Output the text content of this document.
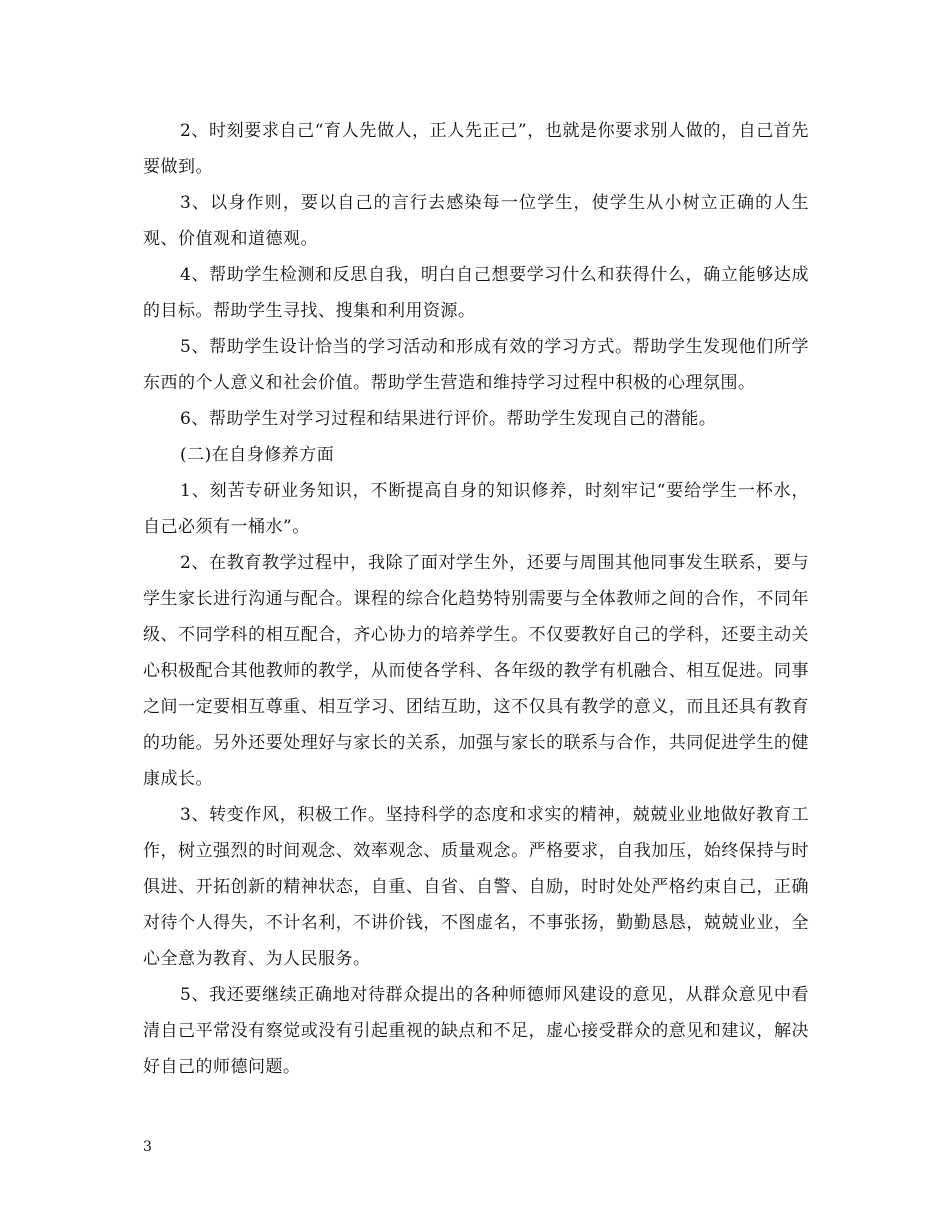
2、时刻要求自己“育人先做人，正人先正己”，也就是你要求别人做的，自己首先要做到。

3、以身作则，要以自己的言行去感染每一位学生，使学生从小树立正确的人生观、价值观和道德观。

4、帮助学生检测和反思自我，明白自己想要学习什么和获得什么，确立能够达成的目标。帮助学生寻找、搜集和利用资源。

5、帮助学生设计恰当的学习活动和形成有效的学习方式。帮助学生发现他们所学东西的个人意义和社会价值。帮助学生营造和维持学习过程中积极的心理氛围。

6、帮助学生对学习过程和结果进行评价。帮助学生发现自己的潜能。

(二)在自身修养方面

1、刻苦专研业务知识，不断提高自身的知识修养，时刻牢记“要给学生一杯水，自己必须有一桶水”。

2、在教育教学过程中，我除了面对学生外，还要与周围其他同事发生联系，要与学生家长进行沟通与配合。课程的综合化趋势特别需要与全体教师之间的合作，不同年级、不同学科的相互配合，齐心协力的培养学生。不仅要教好自己的学科，还要主动关心积极配合其他教师的教学，从而使各学科、各年级的教学有机融合、相互促进。同事之间一定要相互尊重、相互学习、团结互助，这不仅具有教学的意义，而且还具有教育的功能。另外还要处理好与家长的关系，加强与家长的联系与合作，共同促进学生的健康成长。

3、转变作风，积极工作。坚持科学的态度和求实的精神，兢兢业业地做好教育工作，树立强烈的时间观念、效率观念、质量观念。严格要求，自我加压，始终保持与时俱进、开拓创新的精神状态，自重、自省、自警、自励，时时处处严格约束自己，正确对待个人得失，不计名利，不讲价钱，不图虚名，不事张扬，勤勤恳恳，兢兢业业，全心全意为教育、为人民服务。

5、我还要继续正确地对待群众提出的各种师德师风建设的意见，从群众意见中看清自己平常没有察觉或没有引起重视的缺点和不足，虚心接受群众的意见和建议，解决好自己的师德问题。

3
